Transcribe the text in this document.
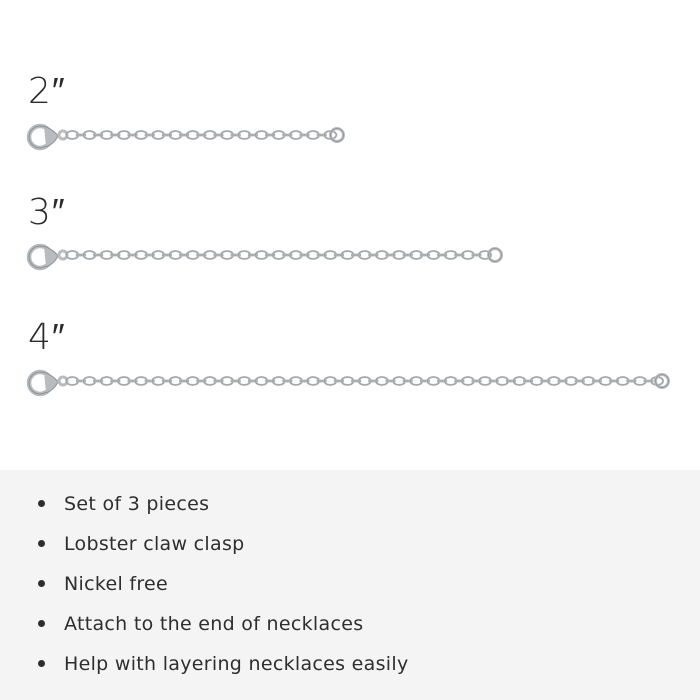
2″
3″
4″
Set of 3 pieces
Lobster claw clasp
Nickel free
Attach to the end of necklaces
Help with layering necklaces easily
